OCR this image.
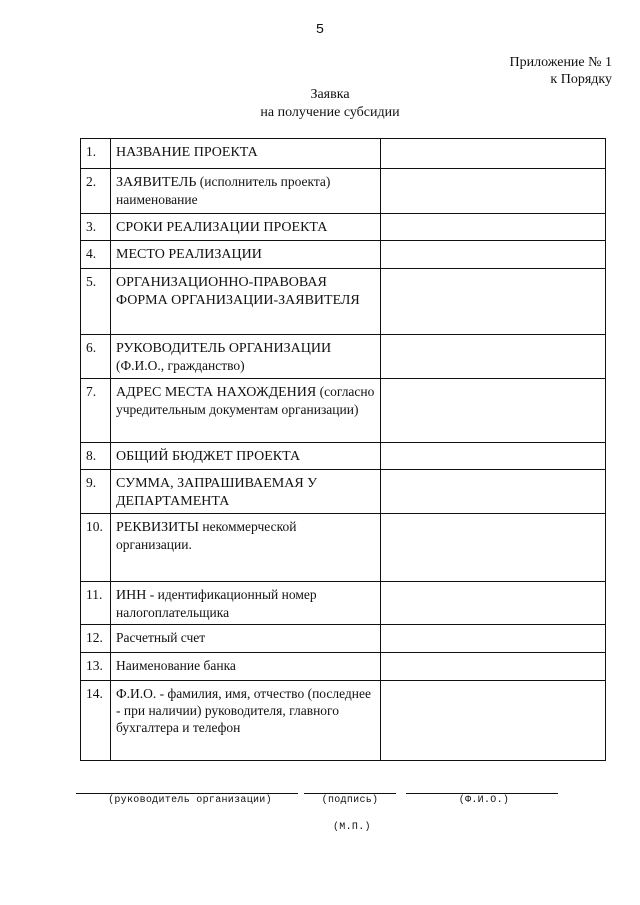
5
Приложение № 1
к Порядку
Заявка
на получение субсидии
1.	НАЗВАНИЕ ПРОЕКТА	
2.	ЗАЯВИТЕЛЬ (исполнитель проекта) наименование	
3.	СРОКИ РЕАЛИЗАЦИИ ПРОЕКТА	
4.	МЕСТО РЕАЛИЗАЦИИ	
5.	ОРГАНИЗАЦИОННО-ПРАВОВАЯ ФОРМА ОРГАНИЗАЦИИ-ЗАЯВИТЕЛЯ	
6.	РУКОВОДИТЕЛЬ ОРГАНИЗАЦИИ (Ф.И.О., гражданство)	
7.	АДРЕС МЕСТА НАХОЖДЕНИЯ (согласно учредительным документам организации)	
8.	ОБЩИЙ БЮДЖЕТ ПРОЕКТА	
9.	СУММА, ЗАПРАШИВАЕМАЯ У ДЕПАРТАМЕНТА	
10.	РЕКВИЗИТЫ некоммерческой организации.	
11.	ИНН - идентификационный номер налогоплательщика	
12.	Расчетный счет	
13.	Наименование банка	
14.	Ф.И.О. - фамилия, имя, отчество (последнее - при наличии) руководителя, главного бухгалтера и телефон	
(руководитель организации)	(подпись)	(Ф.И.О.)
(М.П.)
